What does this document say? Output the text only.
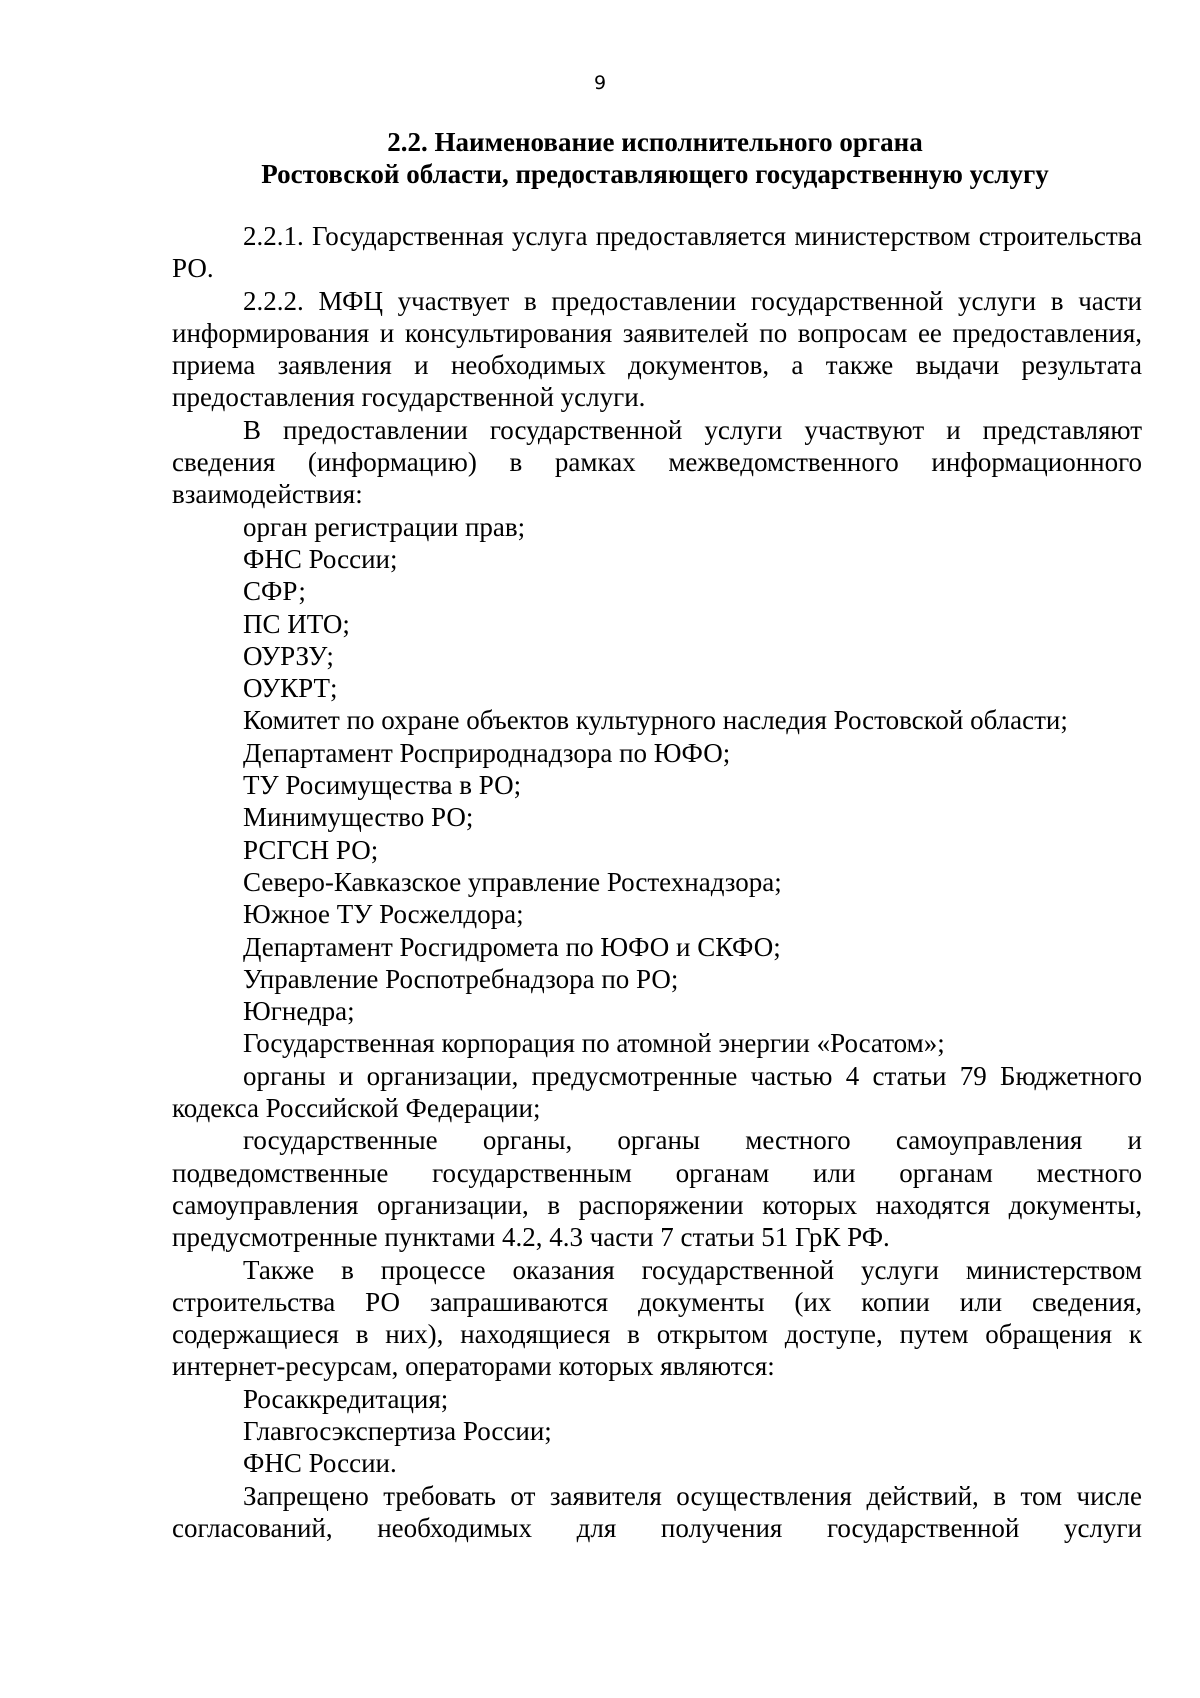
9
2.2. Наименование исполнительного органа
Ростовской области, предоставляющего государственную услугу

2.2.1. Государственная услуга предоставляется министерством строительства РО.

2.2.2. МФЦ участвует в предоставлении государственной услуги в части информирования и консультирования заявителей по вопросам ее предоставления, приема заявления и необходимых документов, а также выдачи результата предоставления государственной услуги.

В предоставлении государственной услуги участвуют и представляют сведения (информацию) в рамках межведомственного информационного взаимодействия:

орган регистрации прав;

ФНС России;

СФР;

ПС ИТО;

ОУРЗУ;

ОУКРТ;

Комитет по охране объектов культурного наследия Ростовской области;

Департамент Росприроднадзора по ЮФО;

ТУ Росимущества в РО;

Минимущество РО;

РСГСН РО;

Северо-Кавказское управление Ростехнадзора;

Южное ТУ Росжелдора;

Департамент Росгидромета по ЮФО и СКФО;

Управление Роспотребнадзора по РО;

Югнедра;

Государственная корпорация по атомной энергии «Росатом»;

органы и организации, предусмотренные частью 4 статьи 79 Бюджетного кодекса Российской Федерации;

государственные органы, органы местного самоуправления и подведомственные государственным органам или органам местного самоуправления организации, в распоряжении которых находятся документы, предусмотренные пунктами 4.2, 4.3 части 7 статьи 51 ГрК РФ.

Также в процессе оказания государственной услуги министерством строительства РО запрашиваются документы (их копии или сведения, содержащиеся в них), находящиеся в открытом доступе, путем обращения к интернет-ресурсам, операторами которых являются:

Росаккредитация;

Главгосэкспертиза России;

ФНС России.

Запрещено требовать от заявителя осуществления действий, в том числе согласований, необходимых для получения государственной услуги
